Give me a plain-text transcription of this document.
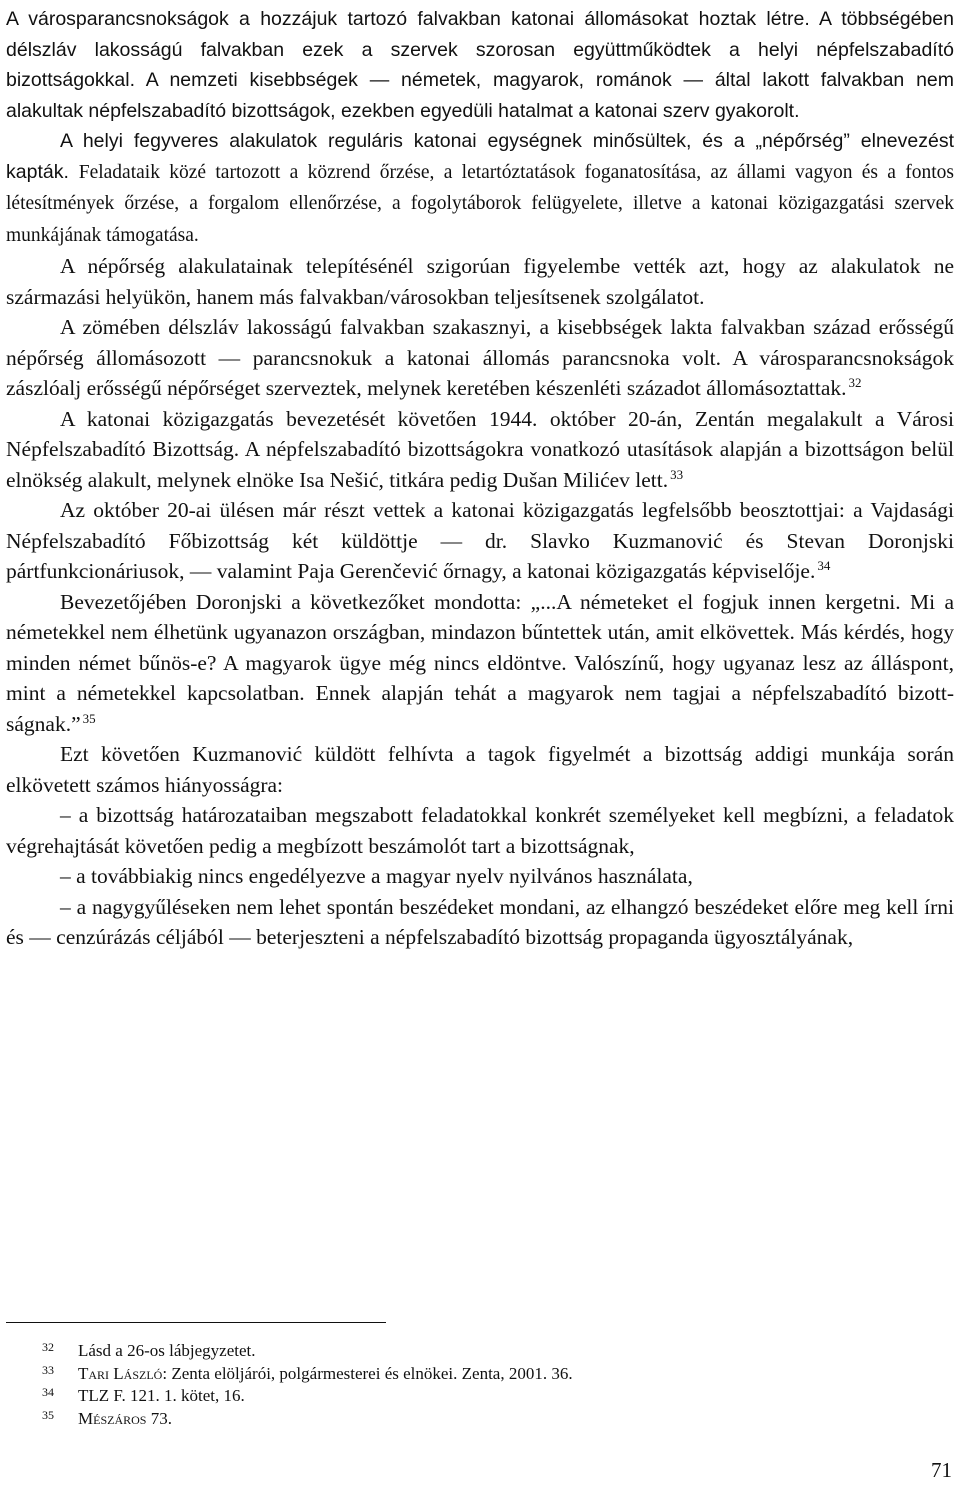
A városparancsnokságok a hozzájuk tartozó falvakban katonai állomásokat hoztak létre. A többségében délszláv lakosságú falvakban ezek a szervek szorosan együttműködtek a helyi népfelszabadító bizottságokkal. A nemzeti kisebbségek — németek, magyarok, románok — által lakott falvakban nem alakultak népfelszabadító bizottságok, ezekben egyedüli hatalmat a katonai szerv gyakorolt.

A helyi fegyveres alakulatok reguláris katonai egységnek minősültek, és a „népőrség” elnevezést kapták. Feladataik közé tartozott a közrend őrzése, a letartóztatások foganatosítása, az állami vagyon és a fontos létesítmények őrzése, a forgalom ellenőrzése, a fogolytáborok felügyelete, illetve a katonai közigazgatási szervek munkájának támogatása.

A népőrség alakulatainak telepítésénél szigorúan figyelembe vették azt, hogy az alakulatok ne származási helyükön, hanem más falvakban/városokban teljesítsenek szolgálatot.

A zömében délszláv lakosságú falvakban szakasznyi, a kisebbségek lakta falvakban század erősségű népőrség állomásozott — parancsnokuk a katonai állomás parancsnoka volt. A városparancsnokságok zászlóalj erősségű népőrséget szerveztek, melynek keretében készenléti századot állomásoztattak. $^{32}$

A katonai közigazgatás bevezetését követően 1944. október 20-án, Zentán megalakult a Városi Népfelszabadító Bizottság. A népfelszabadító bizottságokra vonatkozó utasítások alapján a bizottságon belül elnökség alakult, melynek elnöke Isa Nešić, titkára pedig Dušan Milićev lett. $^{33}$

Az október 20-ai ülésen már részt vettek a katonai közigazgatás legfelsőbb beosztottjai: a Vajdasági Népfelszabadító Főbizottság két küldöttje — dr. Slavko Kuzmanović és Stevan Doronjski pártfunkcionáriusok, — valamint Paja Gerenčević őrnagy, a katonai közigazgatás képviselője. $^{34}$

Bevezetőjében Doronjski a következőket mondotta: „...A németeket el fogjuk innen kergetni. Mi a németekkel nem élhetünk ugyanazon országban, mindazon bűntettek után, amit elkövettek. Más kérdés, hogy minden német bűnös-e? A magyarok ügye még nincs eldöntve. Valószínű, hogy ugyanaz lesz az álláspont, mint a németekkel kapcsolatban. Ennek alapján tehát a magyarok nem tagjai a népfelszabadító bizottságnak.” $^{35}$

Ezt követően Kuzmanović küldött felhívta a tagok figyelmét a bizottság addigi munkája során elkövetett számos hiányosságra:

– a bizottság határozataiban megszabott feladatokkal konkrét személyeket kell megbízni, a feladatok végrehajtását követően pedig a megbízott beszámolót tart a bizottságnak,

– a továbbiakig nincs engedélyezve a magyar nyelv nyilvános használata,

– a nagygyűléseken nem lehet spontán beszédeket mondani, az elhangzó beszédeket előre meg kell írni és — cenzúrázás céljából — beterjeszteni a népfelszabadító bizottság propaganda ügyosztályának,

32 Lásd a 26-os lábjegyzetet.
33 Tari László: Zenta elöljárói, polgármesterei és elnökei. Zenta, 2001. 36.
34 TLZ F. 121. 1. kötet, 16.
35 Mészáros 73.
71
